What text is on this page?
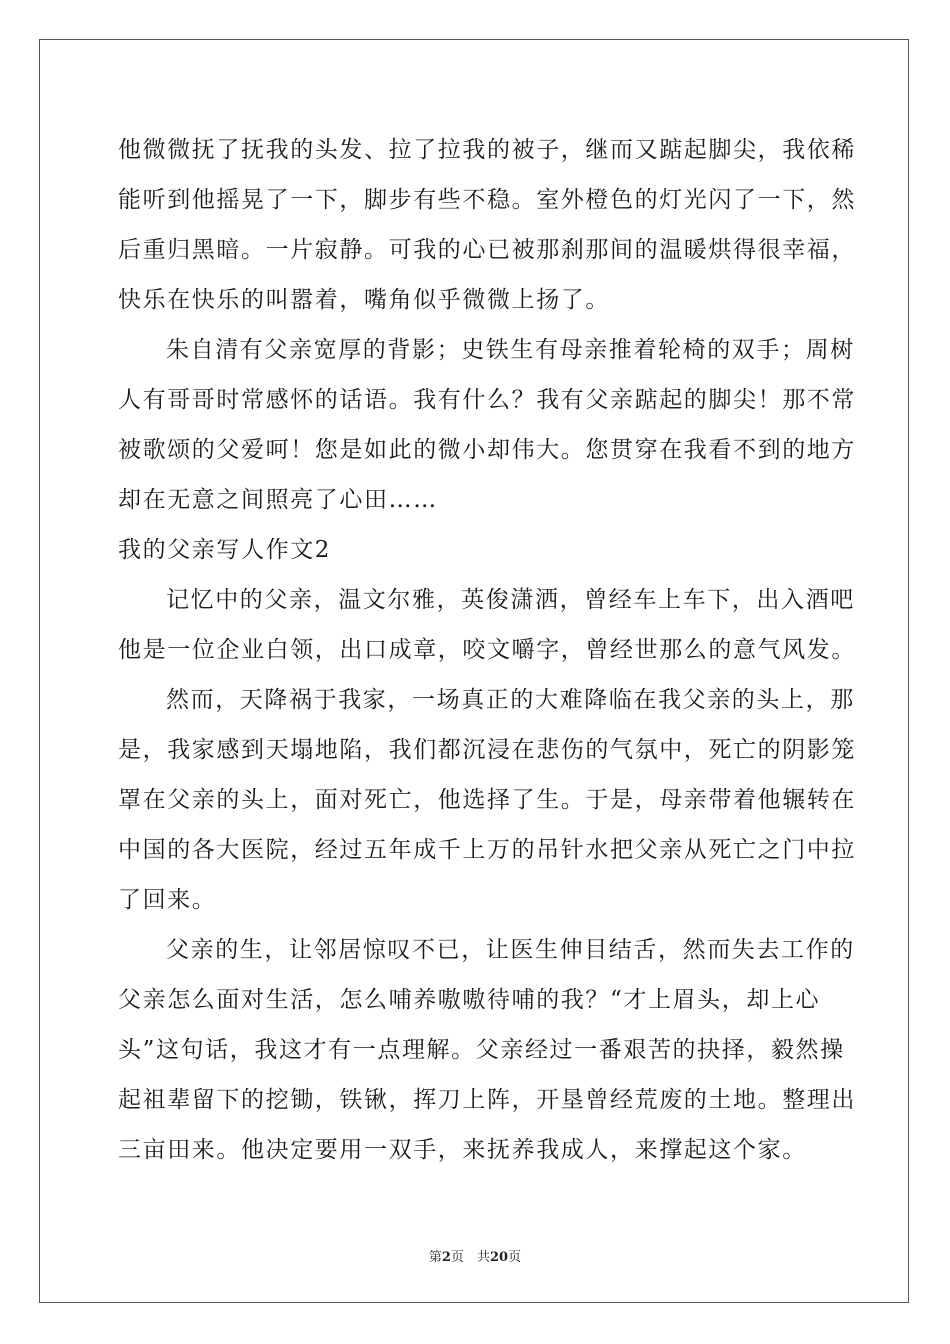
他微微抚了抚我的头发、拉了拉我的被子，继而又踮起脚尖，我依稀
能听到他摇晃了一下，脚步有些不稳。室外橙色的灯光闪了一下，然
后重归黑暗。一片寂静。可我的心已被那刹那间的温暖烘得很幸福，
快乐在快乐的叫嚣着，嘴角似乎微微上扬了。
朱自清有父亲宽厚的背影；史铁生有母亲推着轮椅的双手；周树
人有哥哥时常感怀的话语。我有什么？我有父亲踮起的脚尖！那不常
被歌颂的父爱呵！您是如此的微小却伟大。您贯穿在我看不到的地方
却在无意之间照亮了心田……
我的父亲写人作文2
记忆中的父亲，温文尔雅，英俊潇洒，曾经车上车下，出入酒吧
他是一位企业白领，出口成章，咬文嚼字，曾经世那么的意气风发。
然而，天降祸于我家，一场真正的大难降临在我父亲的头上，那
是，我家感到天塌地陷，我们都沉浸在悲伤的气氛中，死亡的阴影笼
罩在父亲的头上，面对死亡，他选择了生。于是，母亲带着他辗转在
中国的各大医院，经过五年成千上万的吊针水把父亲从死亡之门中拉
了回来。
父亲的生，让邻居惊叹不已，让医生伸目结舌，然而失去工作的
父亲怎么面对生活，怎么哺养嗷嗷待哺的我？“才上眉头，却上心
头”这句话，我这才有一点理解。父亲经过一番艰苦的抉择，毅然操
起祖辈留下的挖锄，铁锹，挥刀上阵，开垦曾经荒废的土地。整理出
三亩田来。他决定要用一双手，来抚养我成人，来撑起这个家。
第2页　共20页
